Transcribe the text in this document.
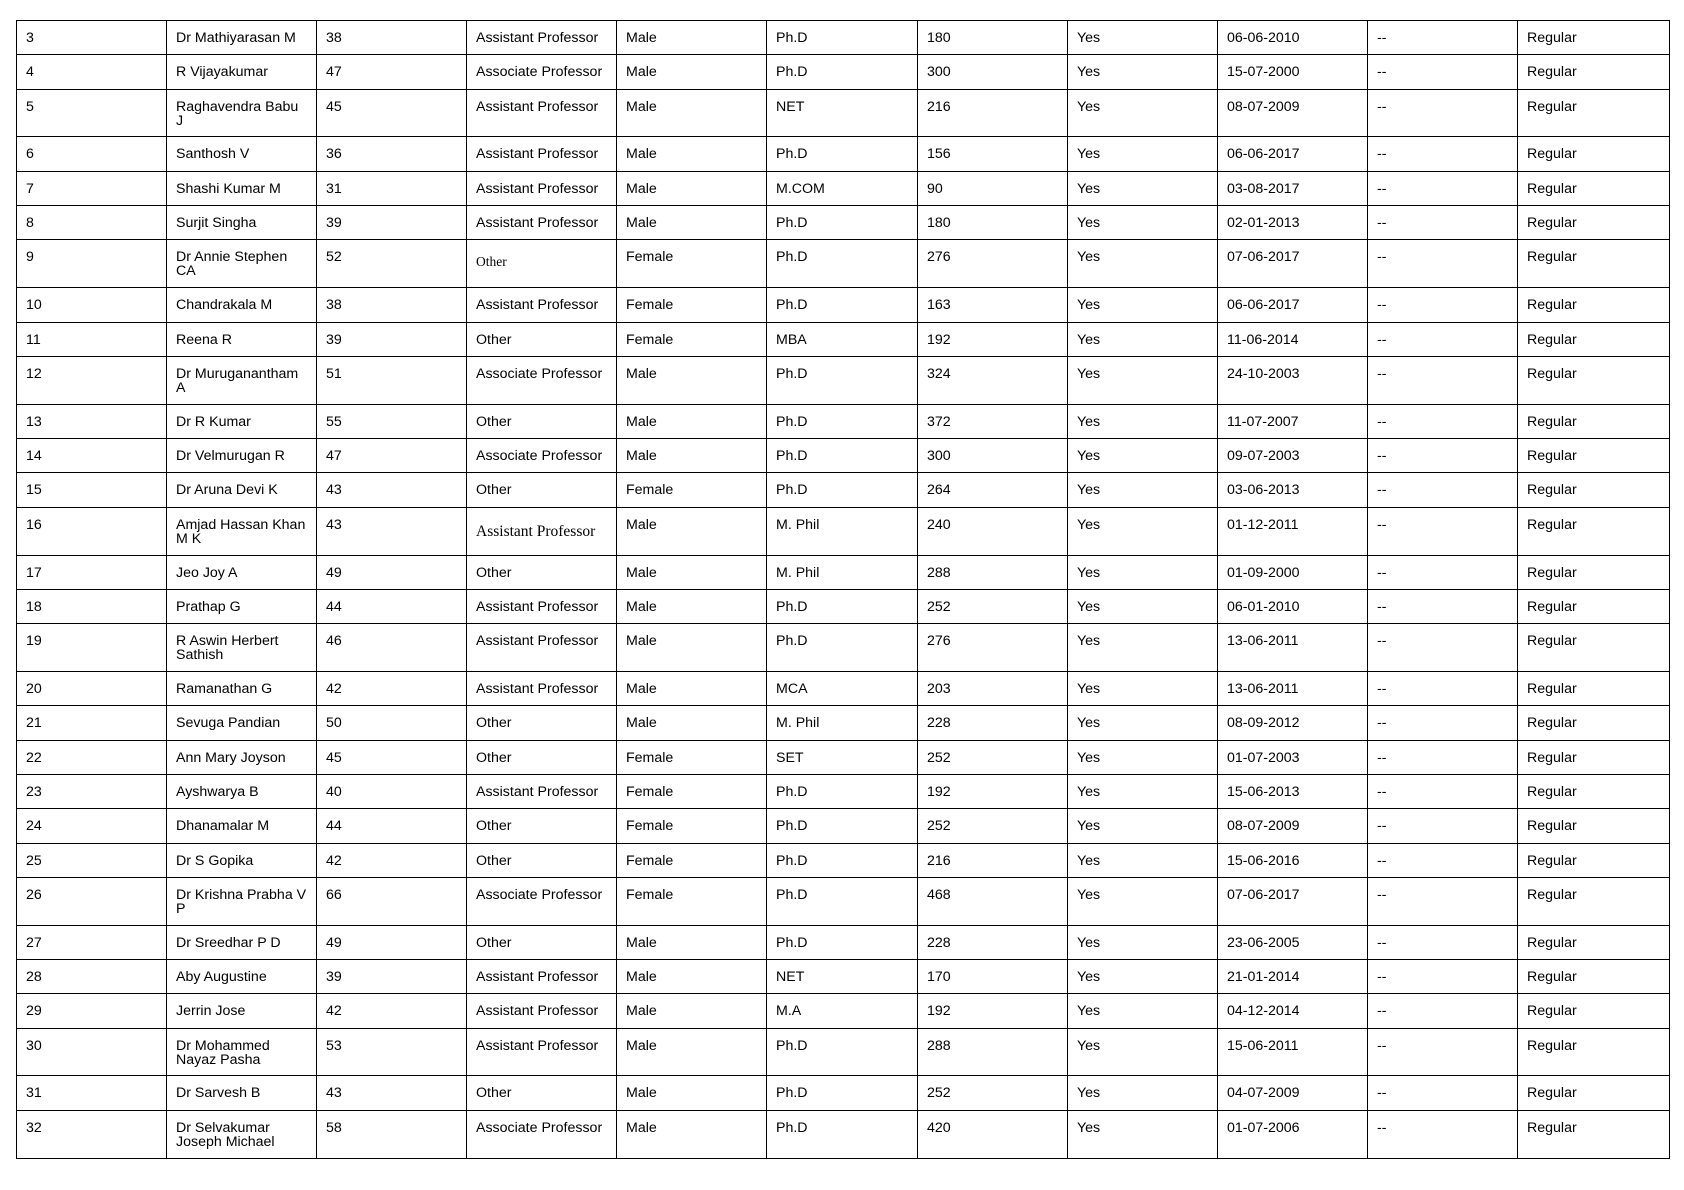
3	Dr Mathiyarasan M	38	Assistant Professor	Male	Ph.D	180	Yes	06-06-2010	--	Regular
4	R Vijayakumar	47	Associate Professor	Male	Ph.D	300	Yes	15-07-2000	--	Regular
5	Raghavendra Babu J	45	Assistant Professor	Male	NET	216	Yes	08-07-2009	--	Regular
6	Santhosh V	36	Assistant Professor	Male	Ph.D	156	Yes	06-06-2017	--	Regular
7	Shashi Kumar M	31	Assistant Professor	Male	M.COM	90	Yes	03-08-2017	--	Regular
8	Surjit Singha	39	Assistant Professor	Male	Ph.D	180	Yes	02-01-2013	--	Regular
9	Dr Annie Stephen CA	52	Other	Female	Ph.D	276	Yes	07-06-2017	--	Regular
10	Chandrakala M	38	Assistant Professor	Female	Ph.D	163	Yes	06-06-2017	--	Regular
11	Reena R	39	Other	Female	MBA	192	Yes	11-06-2014	--	Regular
12	Dr Muruganantham A	51	Associate Professor	Male	Ph.D	324	Yes	24-10-2003	--	Regular
13	Dr R Kumar	55	Other	Male	Ph.D	372	Yes	11-07-2007	--	Regular
14	Dr Velmurugan R	47	Associate Professor	Male	Ph.D	300	Yes	09-07-2003	--	Regular
15	Dr Aruna Devi K	43	Other	Female	Ph.D	264	Yes	03-06-2013	--	Regular
16	Amjad Hassan Khan M K	43	Assistant Professor	Male	M. Phil	240	Yes	01-12-2011	--	Regular
17	Jeo Joy A	49	Other	Male	M. Phil	288	Yes	01-09-2000	--	Regular
18	Prathap G	44	Assistant Professor	Male	Ph.D	252	Yes	06-01-2010	--	Regular
19	R Aswin Herbert Sathish	46	Assistant Professor	Male	Ph.D	276	Yes	13-06-2011	--	Regular
20	Ramanathan G	42	Assistant Professor	Male	MCA	203	Yes	13-06-2011	--	Regular
21	Sevuga Pandian	50	Other	Male	M. Phil	228	Yes	08-09-2012	--	Regular
22	Ann Mary Joyson	45	Other	Female	SET	252	Yes	01-07-2003	--	Regular
23	Ayshwarya B	40	Assistant Professor	Female	Ph.D	192	Yes	15-06-2013	--	Regular
24	Dhanamalar M	44	Other	Female	Ph.D	252	Yes	08-07-2009	--	Regular
25	Dr S Gopika	42	Other	Female	Ph.D	216	Yes	15-06-2016	--	Regular
26	Dr Krishna Prabha V P	66	Associate Professor	Female	Ph.D	468	Yes	07-06-2017	--	Regular
27	Dr Sreedhar P D	49	Other	Male	Ph.D	228	Yes	23-06-2005	--	Regular
28	Aby Augustine	39	Assistant Professor	Male	NET	170	Yes	21-01-2014	--	Regular
29	Jerrin Jose	42	Assistant Professor	Male	M.A	192	Yes	04-12-2014	--	Regular
30	Dr Mohammed Nayaz Pasha	53	Assistant Professor	Male	Ph.D	288	Yes	15-06-2011	--	Regular
31	Dr Sarvesh B	43	Other	Male	Ph.D	252	Yes	04-07-2009	--	Regular
32	Dr Selvakumar Joseph Michael	58	Associate Professor	Male	Ph.D	420	Yes	01-07-2006	--	Regular
